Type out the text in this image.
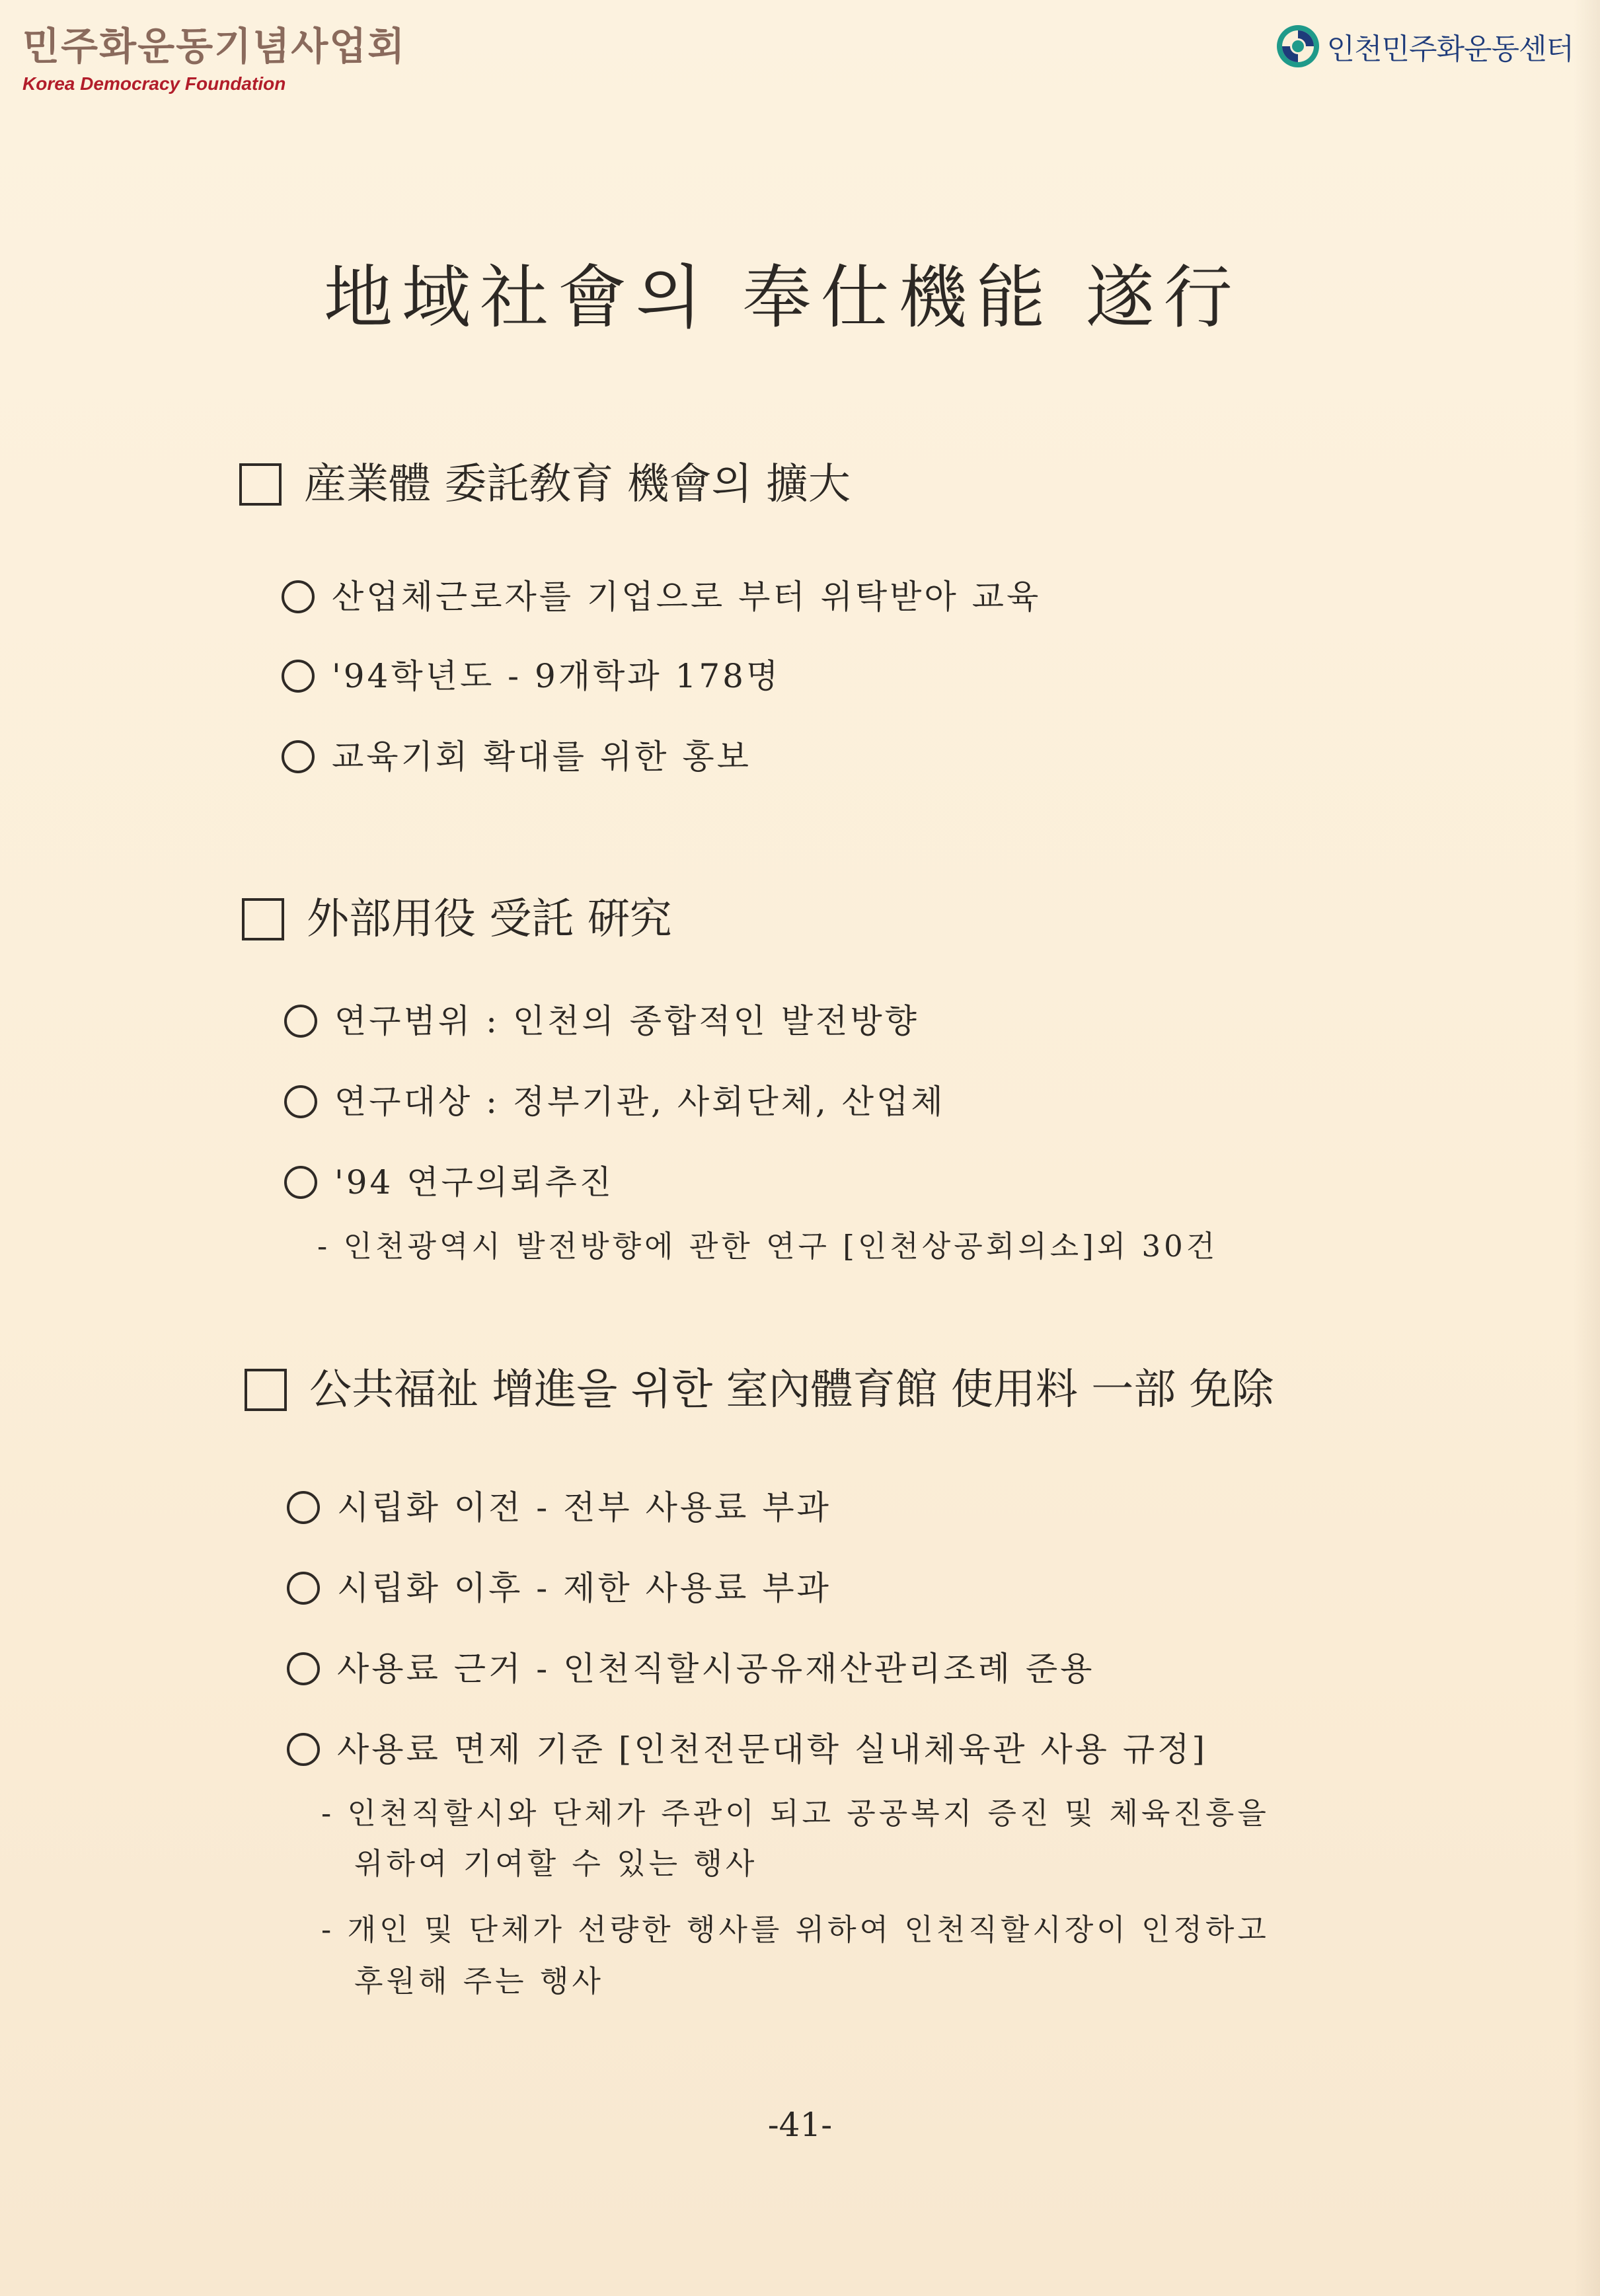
민주화운동기념사업회
Korea Democracy Foundation
인천민주화운동센터
地域社會의 奉仕機能 遂行
産業體 委託敎育 機會의 擴大
산업체근로자를 기업으로 부터 위탁받아 교육
'94학년도 - 9개학과 178명
교육기회 확대를 위한 홍보
外部用役 受託 硏究
연구범위 : 인천의 종합적인 발전방향
연구대상 : 정부기관, 사회단체, 산업체
'94 연구의뢰추진
- 인천광역시 발전방향에 관한 연구 [인천상공회의소]외 30건
公共福祉 增進을 위한 室內體育館 使用料 一部 免除
시립화 이전 - 전부 사용료 부과
시립화 이후 - 제한 사용료 부과
사용료 근거 - 인천직할시공유재산관리조례 준용
사용료 면제 기준 [인천전문대학 실내체육관 사용 규정]
- 인천직할시와 단체가 주관이 되고 공공복지 증진 및 체육진흥을
위하여 기여할 수 있는 행사
- 개인 및 단체가 선량한 행사를 위하여 인천직할시장이 인정하고
후원해 주는 행사
-41-
